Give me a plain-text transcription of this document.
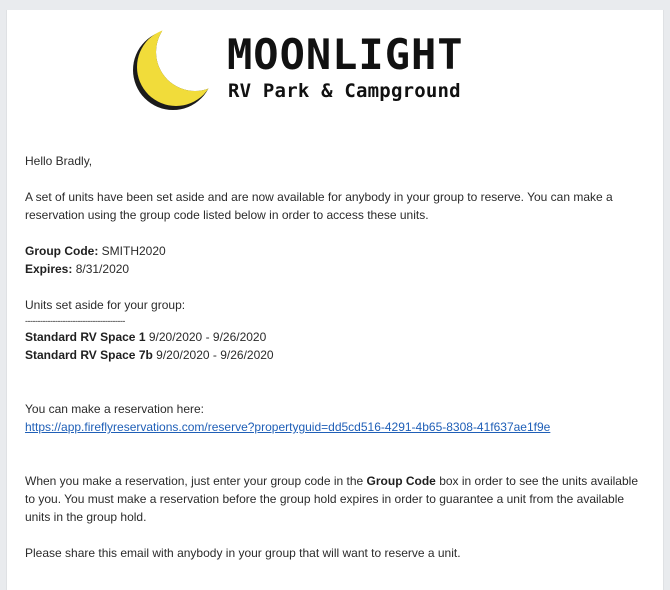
MOONLIGHT
RV Park & Campground

Hello Bradly,

A set of units have been set aside and are now available for anybody in your group to reserve. You can make a reservation using the group code listed below in order to access these units.

Group Code: SMITH2020

Expires: 8/31/2020

Units set aside for your group:

----------------------------------------

Standard RV Space 1 9/20/2020 - 9/26/2020

Standard RV Space 7b 9/20/2020 - 9/26/2020

You can make a reservation here:

https://app.fireflyreservations.com/reserve?propertyguid=dd5cd516-4291-4b65-8308-41f637ae1f9e

When you make a reservation, just enter your group code in the Group Code box in order to see the units available to you. You must make a reservation before the group hold expires in order to guarantee a unit from the available units in the group hold.

Please share this email with anybody in your group that will want to reserve a unit.
